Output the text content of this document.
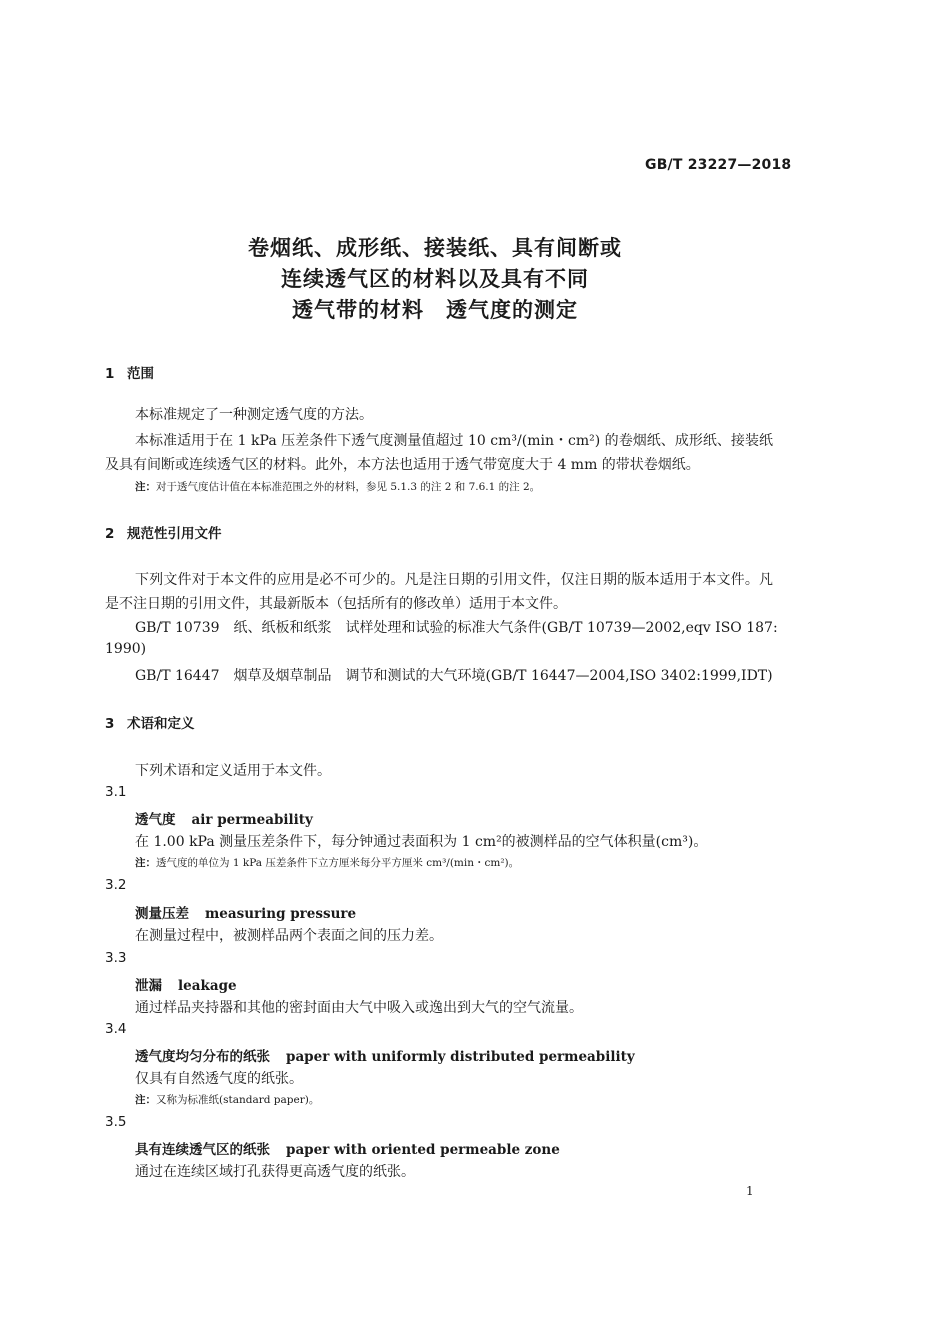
GB/T 23227—2018
卷烟纸、成形纸、接装纸、具有间断或
连续透气区的材料以及具有不同
透气带的材料　透气度的测定
1 范围
本标准规定了一种测定透气度的方法。
本标准适用于在 1 kPa 压差条件下透气度测量值超过 10 cm³/(min・cm²) 的卷烟纸、成形纸、接装纸及具有间断或连续透气区的材料。此外，本方法也适用于透气带宽度大于 4 mm 的带状卷烟纸。
注：对于透气度估计值在本标准范围之外的材料，参见 5.1.3 的注 2 和 7.6.1 的注 2。
2 规范性引用文件
下列文件对于本文件的应用是必不可少的。凡是注日期的引用文件，仅注日期的版本适用于本文件。凡是不注日期的引用文件，其最新版本（包括所有的修改单）适用于本文件。
GB/T 10739　纸、纸板和纸浆　试样处理和试验的标准大气条件(GB/T 10739—2002,eqv ISO 187:
1990)
GB/T 16447　烟草及烟草制品　调节和测试的大气环境(GB/T 16447—2004,ISO 3402:1999,IDT)
3 术语和定义
下列术语和定义适用于本文件。
3.1
透气度 air permeability
在 1.00 kPa 测量压差条件下，每分钟通过表面积为 1 cm²的被测样品的空气体积量(cm³)。
注：透气度的单位为 1 kPa 压差条件下立方厘米每分平方厘米 cm³/(min・cm²)。
3.2
测量压差 measuring pressure
在测量过程中，被测样品两个表面之间的压力差。
3.3
泄漏 leakage
通过样品夹持器和其他的密封面由大气中吸入或逸出到大气的空气流量。
3.4
透气度均匀分布的纸张 paper with uniformly distributed permeability
仅具有自然透气度的纸张。
注：又称为标准纸(standard paper)。
3.5
具有连续透气区的纸张 paper with oriented permeable zone
通过在连续区域打孔获得更高透气度的纸张。
1
